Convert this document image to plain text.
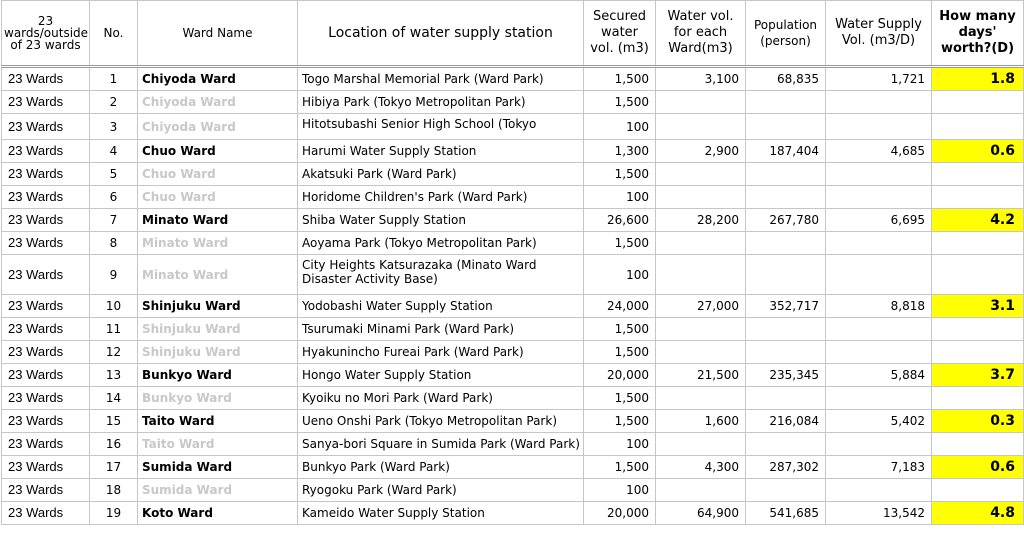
23 wards/outside of 23 wards	No.	Ward Name	Location of water supply station	Secured water vol. (m3)	Water vol. for each Ward(m3)	Population (person)	Water Supply Vol. (m3/D)	How many days' worth?(D)
23 Wards	1	Chiyoda Ward	Togo Marshal Memorial Park (Ward Park)	1,500	3,100	68,835	1,721	1.8
23 Wards	2	Chiyoda Ward	Hibiya Park (Tokyo Metropolitan Park)	1,500				
23 Wards	3	Chiyoda Ward	Hitotsubashi Senior High School (Tokyo	100				
23 Wards	4	Chuo Ward	Harumi Water Supply Station	1,300	2,900	187,404	4,685	0.6
23 Wards	5	Chuo Ward	Akatsuki Park (Ward Park)	1,500				
23 Wards	6	Chuo Ward	Horidome Children's Park (Ward Park)	100				
23 Wards	7	Minato Ward	Shiba Water Supply Station	26,600	28,200	267,780	6,695	4.2
23 Wards	8	Minato Ward	Aoyama Park (Tokyo Metropolitan Park)	1,500				
23 Wards	9	Minato Ward	City Heights Katsurazaka (Minato Ward Disaster Activity Base)	100				
23 Wards	10	Shinjuku Ward	Yodobashi Water Supply Station	24,000	27,000	352,717	8,818	3.1
23 Wards	11	Shinjuku Ward	Tsurumaki Minami Park (Ward Park)	1,500				
23 Wards	12	Shinjuku Ward	Hyakunincho Fureai Park (Ward Park)	1,500				
23 Wards	13	Bunkyo Ward	Hongo Water Supply Station	20,000	21,500	235,345	5,884	3.7
23 Wards	14	Bunkyo Ward	Kyoiku no Mori Park (Ward Park)	1,500				
23 Wards	15	Taito Ward	Ueno Onshi Park (Tokyo Metropolitan Park)	1,500	1,600	216,084	5,402	0.3
23 Wards	16	Taito Ward	Sanya-bori Square in Sumida Park (Ward Park)	100				
23 Wards	17	Sumida Ward	Bunkyo Park (Ward Park)	1,500	4,300	287,302	7,183	0.6
23 Wards	18	Sumida Ward	Ryogoku Park (Ward Park)	100				
23 Wards	19	Koto Ward	Kameido Water Supply Station	20,000	64,900	541,685	13,542	4.8
